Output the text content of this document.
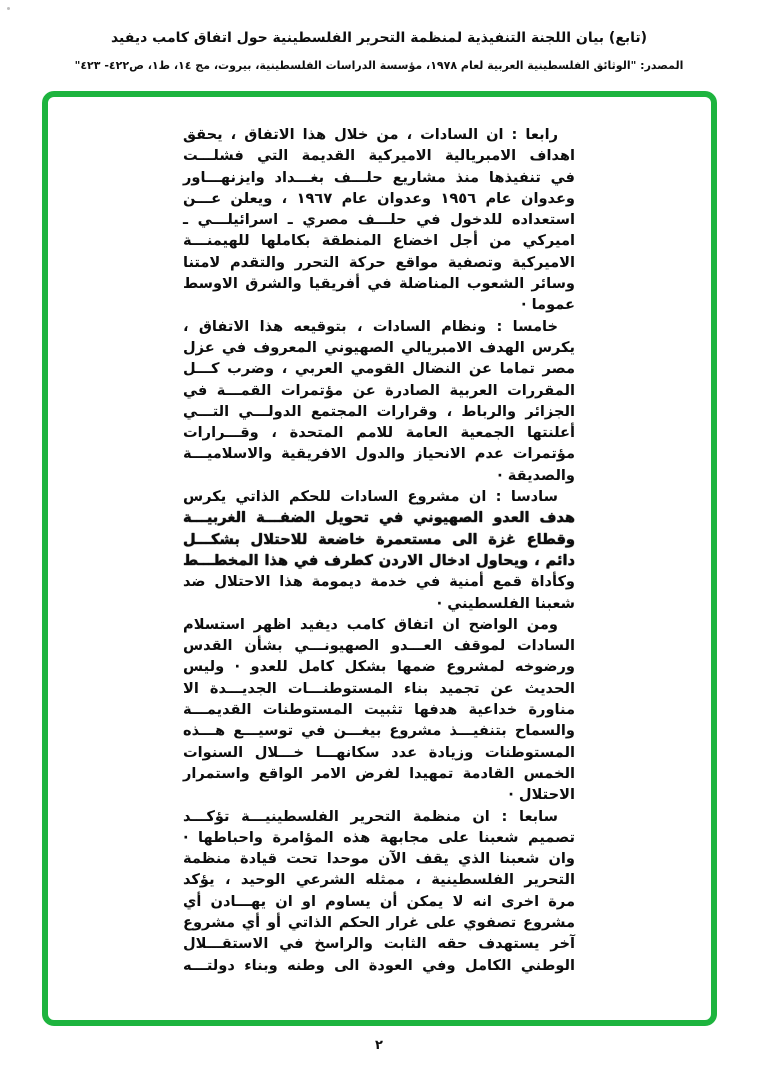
(تابع) بيان اللجنة التنفيذية لمنظمة التحرير الفلسطينية حول اتفاق كامب ديفيد
المصدر: "الوثائق الفلسطينية العربية لعام ١٩٧٨، مؤسسة الدراسات الفلسطينية، بيروت، مج ١٤، ط١، ص٤٢٢- ٤٢٣"
رابعا : ان السادات ، من خلال هذا الاتفاق ، يحقق
اهداف الامبريالية الاميركية القديمة التي فشلـــت
في تنفيذها منذ مشاريع حلـــف بغـــداد وايزنهـــاور
وعدوان عام ١٩٥٦ وعدوان عام ١٩٦٧ ، ويعلن عـــن
استعداده للدخول في حلـــف مصري ـ اسرائيلـــي ـ
اميركي من أجل اخضاع المنطقة بكاملها للهيمنـــة
الاميركية وتصفية مواقع حركة التحرر والتقدم لامتنا
وسائر الشعوب المناضلة في أفريقيا والشرق الاوسط
عموما ·
خامسا : ونظام السادات ، بتوقيعه هذا الاتفاق ،
يكرس الهدف الامبريالي الصهيوني المعروف في عزل
مصر تماما عن النضال القومي العربي ، وضرب كـــل
المقررات العربية الصادرة عن مؤتمرات القمـــة في
الجزائر والرباط ، وقرارات المجتمع الدولـــي التـــي
أعلنتها الجمعية العامة للامم المتحدة ، وقـــرارات
مؤتمرات عدم الانحياز والدول الافريقية والاسلاميـــة
والصديقة ·
سادسا : ان مشروع السادات للحكم الذاتي يكرس
هدف العدو الصهيوني في تحويل الضفـــة الغربيـــة
وقطاع غزة الى مستعمرة خاضعة للاحتلال بشكـــل
دائم ، ويحاول ادخال الاردن كطرف في هذا المخطـــط
وكأداة قمع أمنية في خدمة ديمومة هذا الاحتلال ضد
شعبنا الفلسطيني ·
ومن الواضح ان اتفاق كامب ديفيد اظهر استسلام
السادات لموقف العـــدو الصهيونـــي بشأن القدس
ورضوخه لمشروع ضمها بشكل كامل للعدو · وليس
الحديث عن تجميد بناء المستوطنـــات الجديـــدة الا
مناورة خداعية هدفها تثبيت المستوطنات القديمـــة
والسماح بتنفيـــذ مشروع بيغـــن في توسيـــع هـــذه
المستوطنات وزيادة عدد سكانهـــا خـــلال السنوات
الخمس القادمة تمهيدا لفرض الامر الواقع واستمرار
الاحتلال ·
سابعا : ان منظمة التحرير الفلسطينيـــة تؤكـــد
تصميم شعبنا على مجابهة هذه المؤامرة واحباطها ·
وان شعبنا الذي يقف الآن موحدا تحت قيادة منظمة
التحرير الفلسطينية ، ممثله الشرعي الوحيد ، يؤكد
مرة اخرى انه لا يمكن أن يساوم او ان يهـــادن أي
مشروع تصفوي على غرار الحكم الذاتي أو أي مشروع
آخر يستهدف حقه الثابت والراسخ في الاستقـــلال
الوطني الكامل وفي العودة الى وطنه وبناء دولتـــه
٢
